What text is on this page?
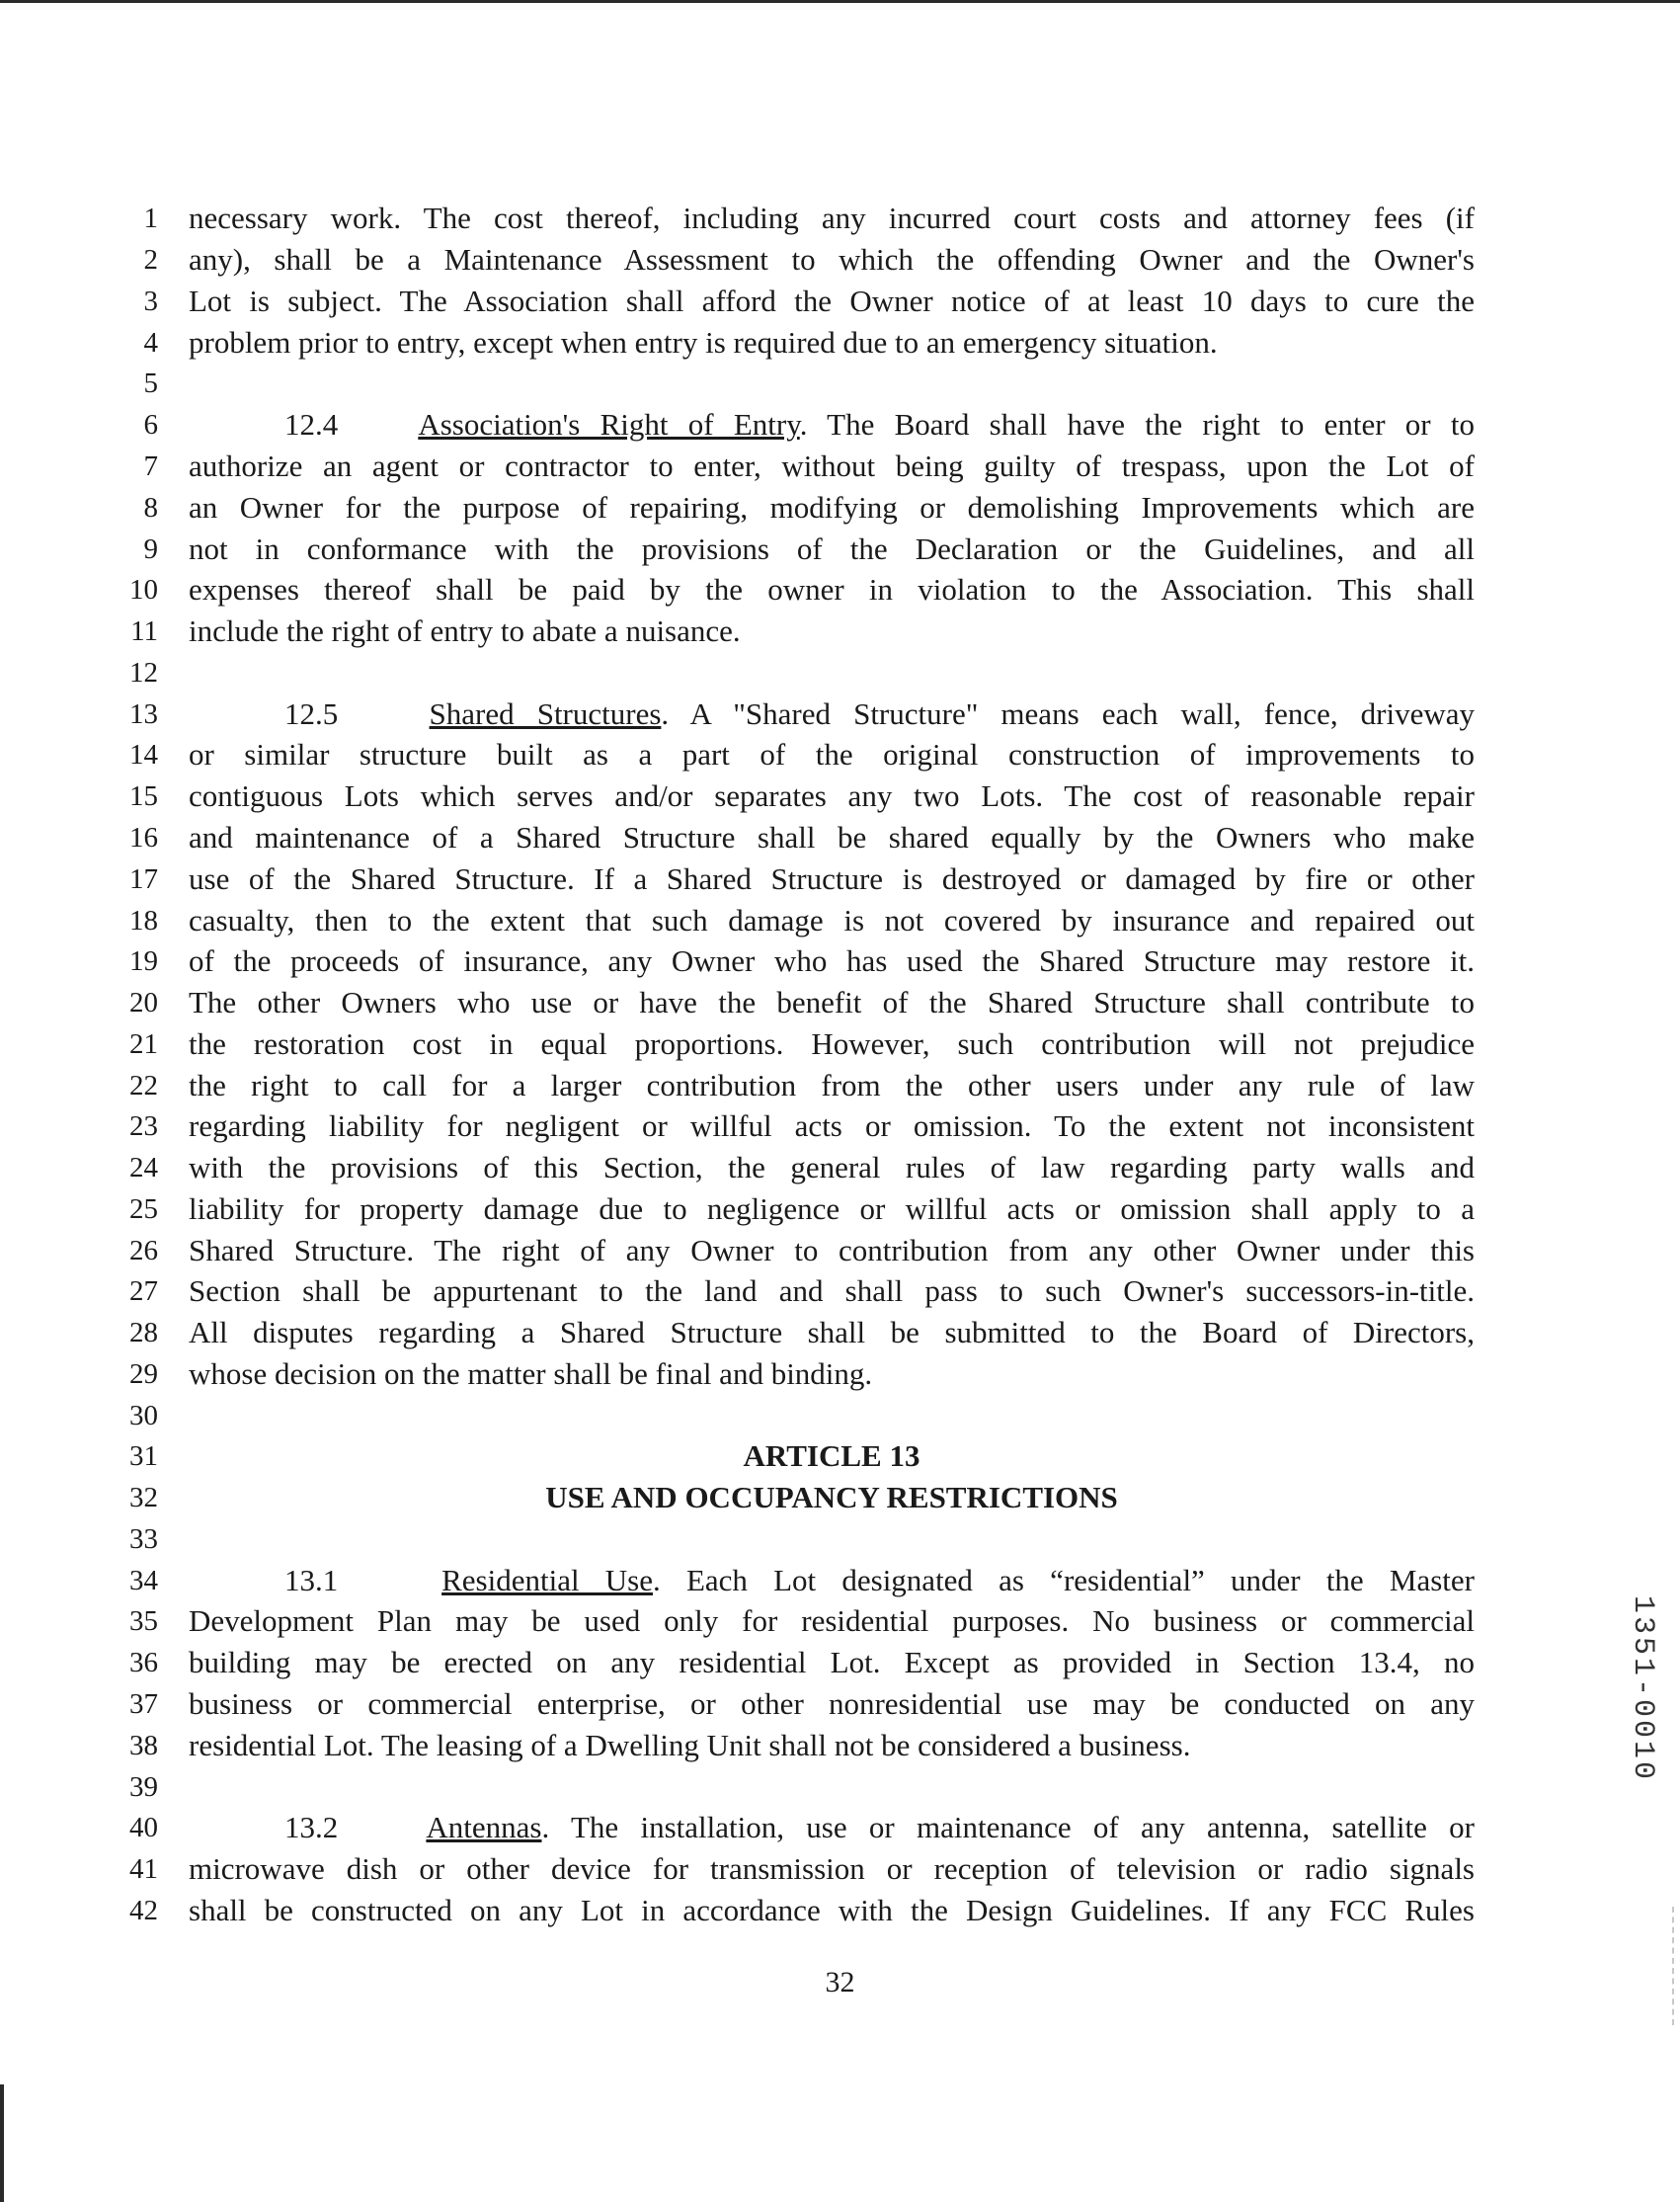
1 necessary work. The cost thereof, including any incurred court costs and attorney fees (if
2 any), shall be a Maintenance Assessment to which the offending Owner and the Owner's
3 Lot is subject. The Association shall afford the Owner notice of at least 10 days to cure the
4 problem prior to entry, except when entry is required due to an emergency situation.
5
6	12.4	Association's Right of Entry. The Board shall have the right to enter or to
7 authorize an agent or contractor to enter, without being guilty of trespass, upon the Lot of
8 an Owner for the purpose of repairing, modifying or demolishing Improvements which are
9 not in conformance with the provisions of the Declaration or the Guidelines, and all
10 expenses thereof shall be paid by the owner in violation to the Association. This shall
11 include the right of entry to abate a nuisance.
12
13	12.5	Shared Structures. A "Shared Structure" means each wall, fence, driveway
14 or similar structure built as a part of the original construction of improvements to
15 contiguous Lots which serves and/or separates any two Lots. The cost of reasonable repair
16 and maintenance of a Shared Structure shall be shared equally by the Owners who make
17 use of the Shared Structure. If a Shared Structure is destroyed or damaged by fire or other
18 casualty, then to the extent that such damage is not covered by insurance and repaired out
19 of the proceeds of insurance, any Owner who has used the Shared Structure may restore it.
20 The other Owners who use or have the benefit of the Shared Structure shall contribute to
21 the restoration cost in equal proportions. However, such contribution will not prejudice
22 the right to call for a larger contribution from the other users under any rule of law
23 regarding liability for negligent or willful acts or omission. To the extent not inconsistent
24 with the provisions of this Section, the general rules of law regarding party walls and
25 liability for property damage due to negligence or willful acts or omission shall apply to a
26 Shared Structure. The right of any Owner to contribution from any other Owner under this
27 Section shall be appurtenant to the land and shall pass to such Owner's successors-in-title.
28 All disputes regarding a Shared Structure shall be submitted to the Board of Directors,
29 whose decision on the matter shall be final and binding.
30
31	ARTICLE 13
32	USE AND OCCUPANCY RESTRICTIONS
33
34	13.1	Residential Use. Each Lot designated as “residential” under the Master
35 Development Plan may be used only for residential purposes. No business or commercial
36 building may be erected on any residential Lot. Except as provided in Section 13.4, no
37 business or commercial enterprise, or other nonresidential use may be conducted on any
38 residential Lot. The leasing of a Dwelling Unit shall not be considered a business.
39
40	13.2	Antennas. The installation, use or maintenance of any antenna, satellite or
41 microwave dish or other device for transmission or reception of television or radio signals
42 shall be constructed on any Lot in accordance with the Design Guidelines. If any FCC Rules
32
1351-0010
